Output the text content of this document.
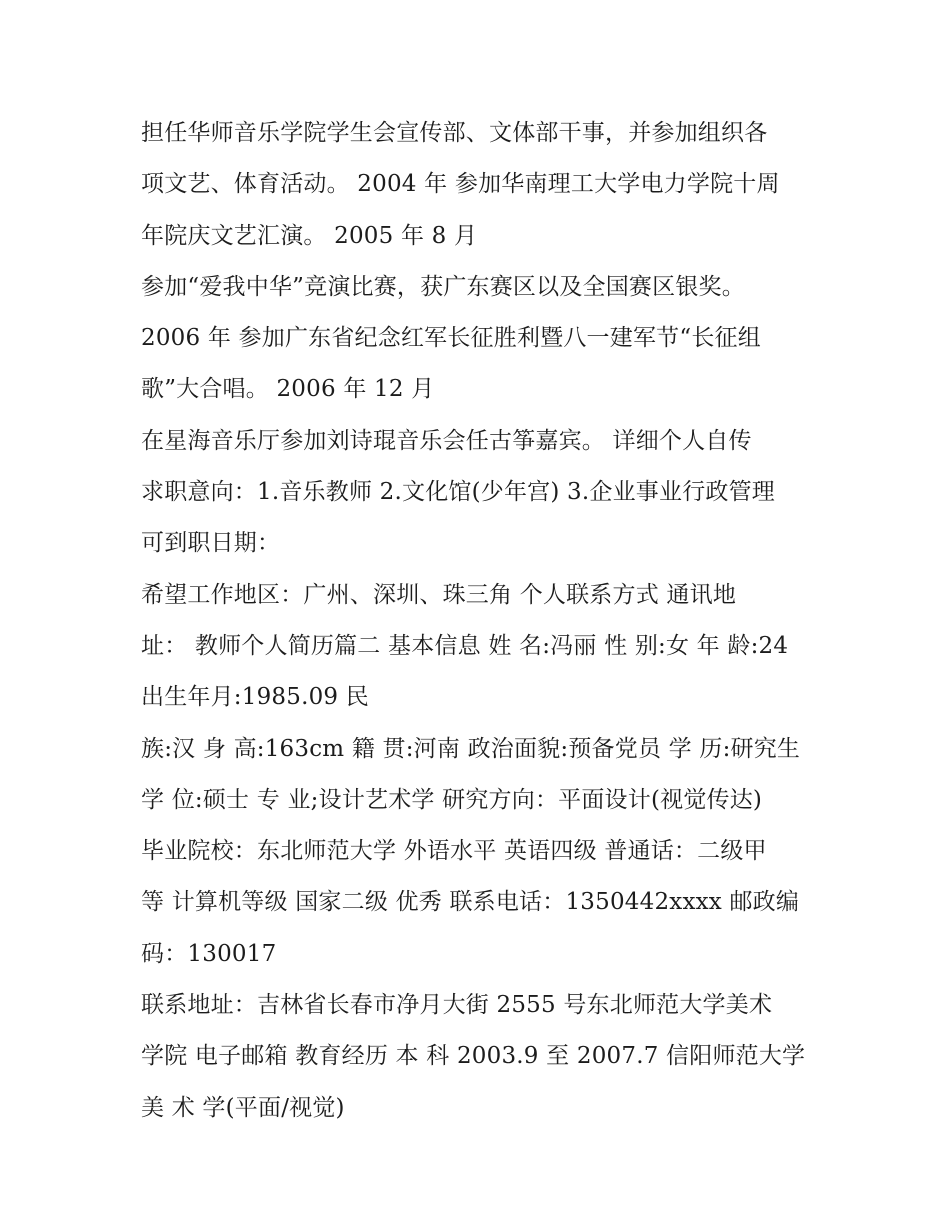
担任华师音乐学院学生会宣传部、文体部干事，并参加组织各
项文艺、体育活动。 2004 年 参加华南理工大学电力学院十周
年院庆文艺汇演。 2005 年 8 月
参加“爱我中华”竞演比赛，获广东赛区以及全国赛区银奖。
2006 年 参加广东省纪念红军长征胜利暨八一建军节“长征组
歌”大合唱。 2006 年 12 月
在星海音乐厅参加刘诗琨音乐会任古筝嘉宾。 详细个人自传
求职意向：1.音乐教师 2.文化馆(少年宫) 3.企业事业行政管理
可到职日期：
希望工作地区：广州、深圳、珠三角 个人联系方式 通讯地
址： 教师个人简历篇二 基本信息 姓 名:冯丽 性 别:女 年 龄:24
出生年月:1985.09 民
族:汉 身 高:163cm 籍 贯:河南 政治面貌:预备党员 学 历:研究生
学 位:硕士 专 业;设计艺术学 研究方向：平面设计(视觉传达)
毕业院校：东北师范大学 外语水平 英语四级 普通话：二级甲
等 计算机等级 国家二级 优秀 联系电话：1350442xxxx 邮政编
码：130017
联系地址：吉林省长春市净月大街 2555 号东北师范大学美术
学院 电子邮箱 教育经历 本 科 2003.9 至 2007.7 信阳师范大学
美 术 学(平面/视觉)
